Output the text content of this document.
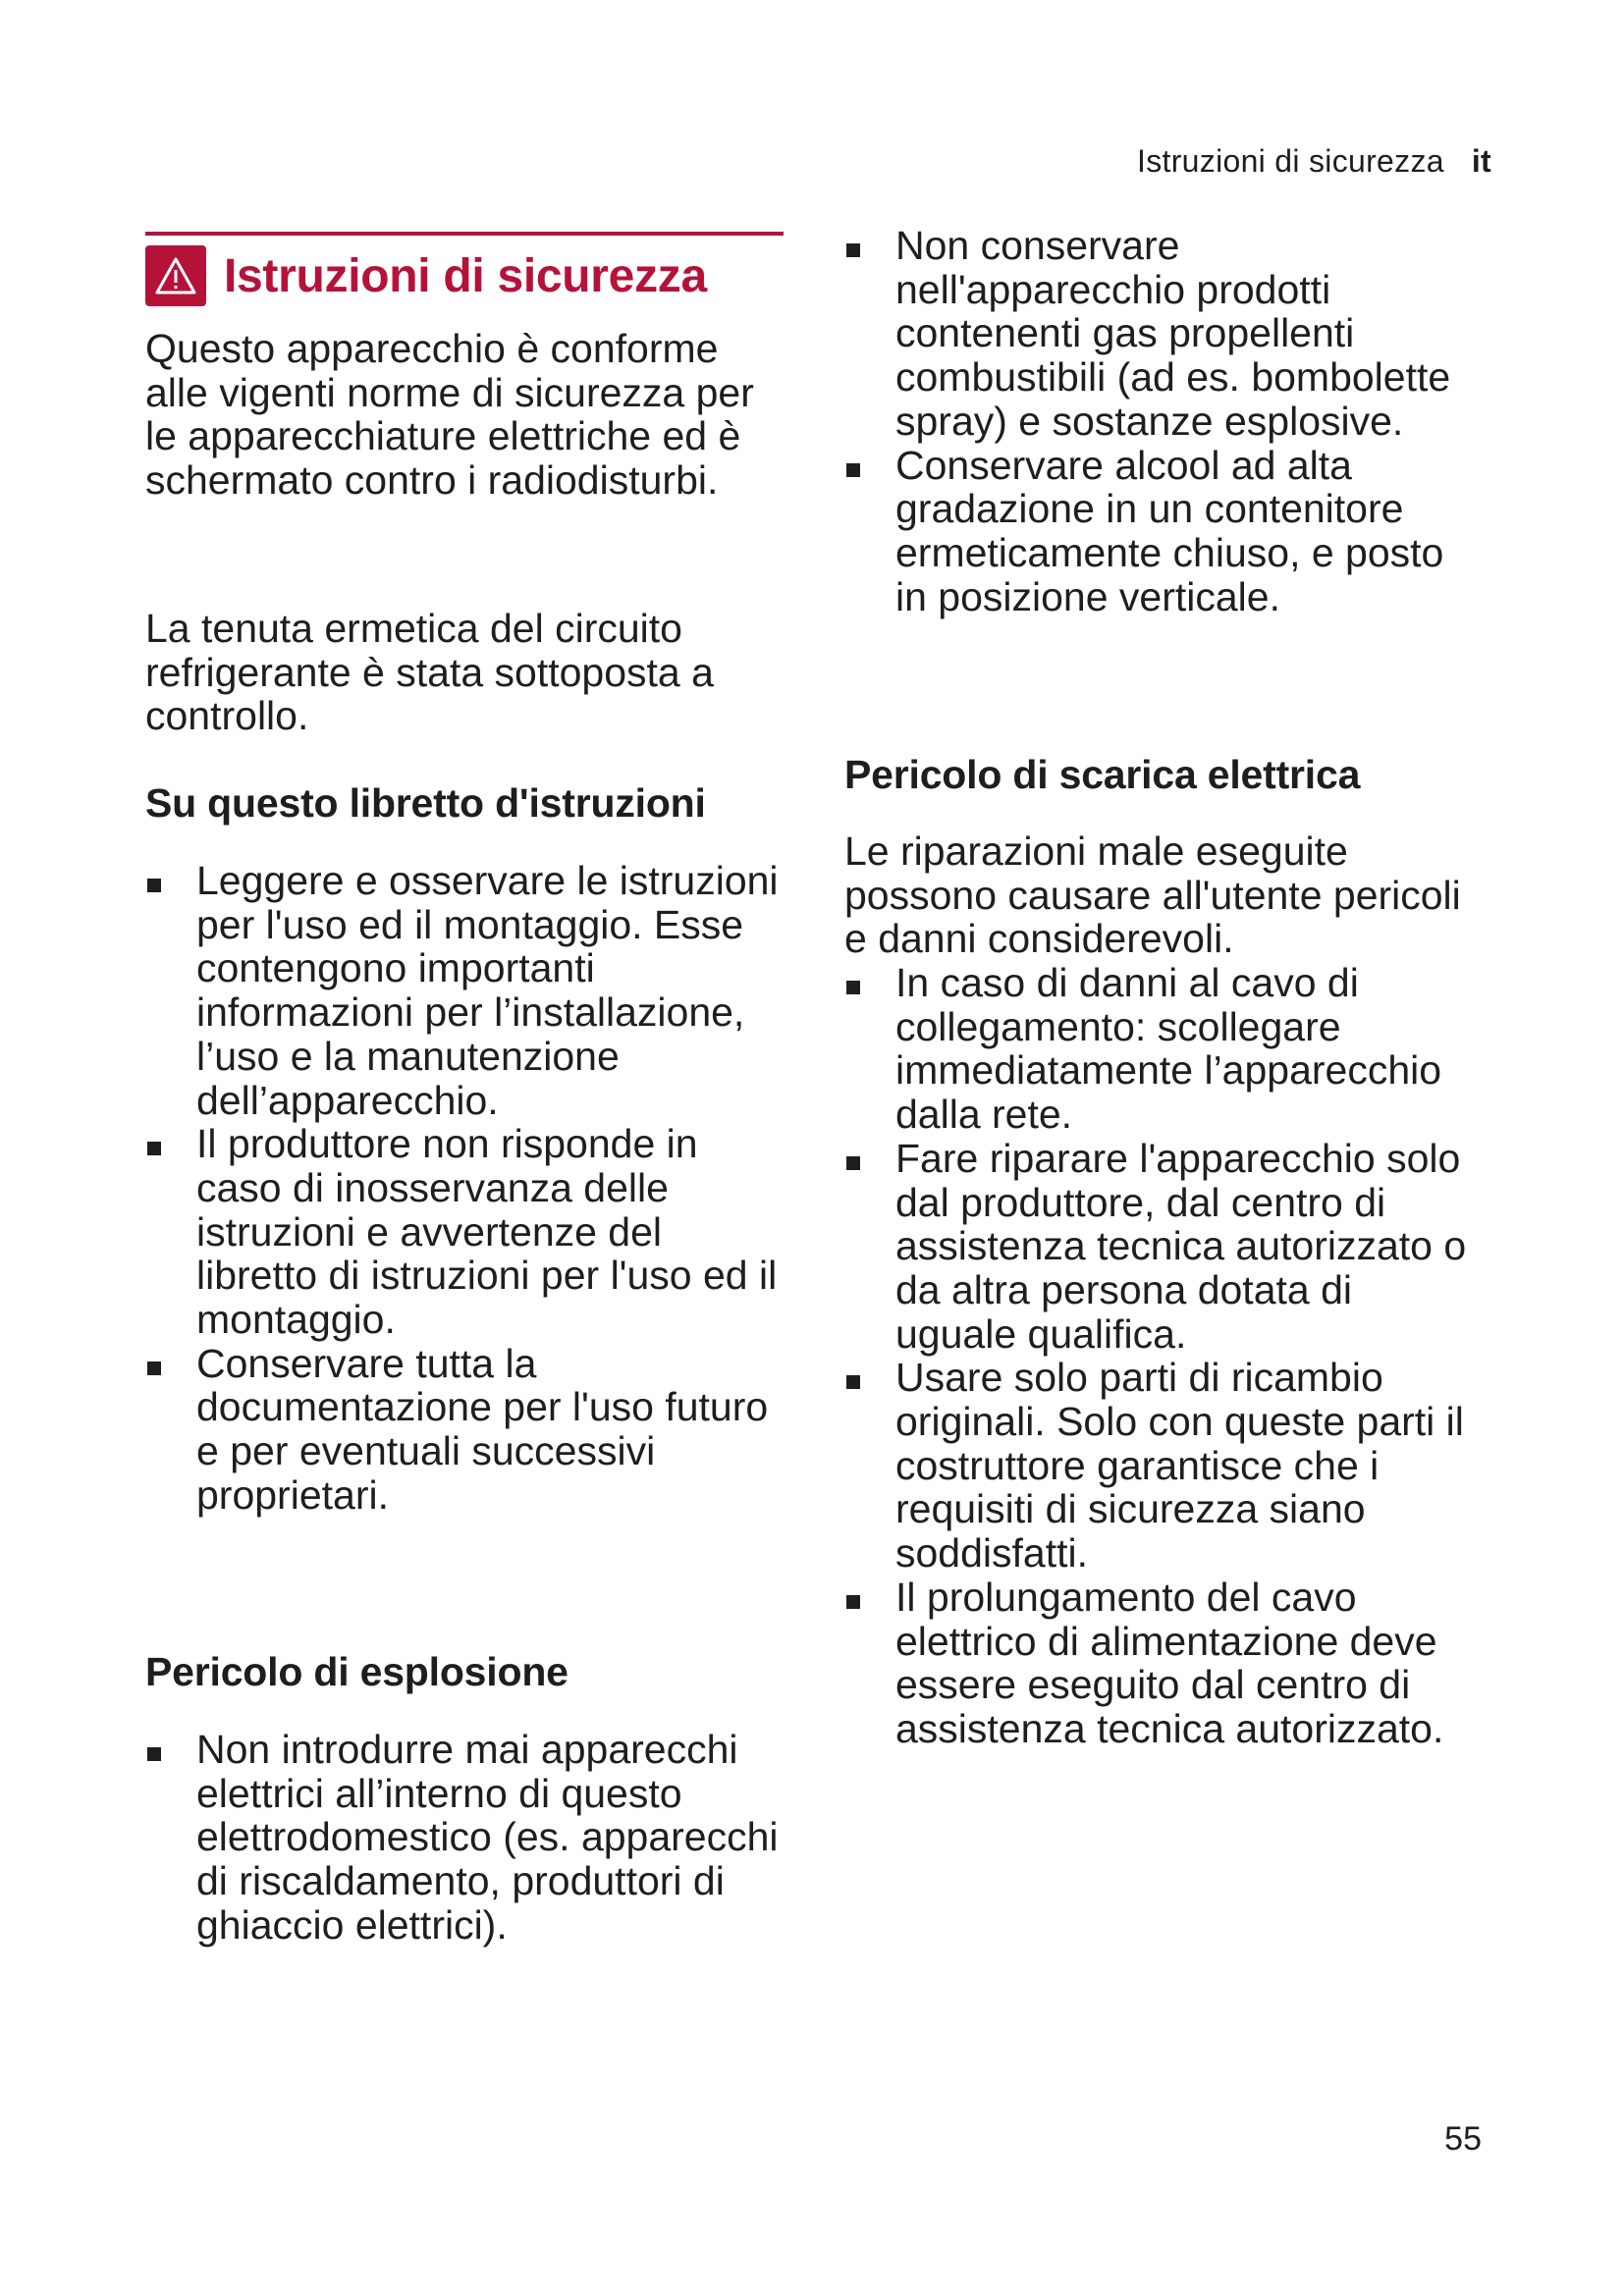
Istruzioni di sicurezza it
Istruzioni di sicurezza

Questo apparecchio è conforme alle vigenti norme di sicurezza per le apparecchiature elettriche ed è schermato contro i radiodisturbi.

La tenuta ermetica del circuito refrigerante è stata sottoposta a controllo.

Su questo libretto d'istruzioni
Leggere e osservare le istruzioni per l'uso ed il montaggio. Esse contengono importanti informazioni per l’installazione, l’uso e la manutenzione dell’apparecchio.
Il produttore non risponde in caso di inosservanza delle istruzioni e avvertenze del libretto di istruzioni per l'uso ed il montaggio.
Conservare tutta la documentazione per l'uso futuro e per eventuali successivi proprietari.
Pericolo di esplosione
Non introdurre mai apparecchi elettrici all’interno di questo elettrodomestico (es. apparecchi di riscaldamento, produttori di ghiaccio elettrici).
Non conservare nell'apparecchio prodotti contenenti gas propellenti combustibili (ad es. bombolette spray) e sostanze esplosive.
Conservare alcool ad alta gradazione in un contenitore ermeticamente chiuso, e posto in posizione verticale.
Pericolo di scarica elettrica

Le riparazioni male eseguite possono causare all'utente pericoli e danni considerevoli.

In caso di danni al cavo di collegamento: scollegare immediatamente l’apparecchio dalla rete.
Fare riparare l'apparecchio solo dal produttore, dal centro di assistenza tecnica autorizzato o da altra persona dotata di uguale qualifica.
Usare solo parti di ricambio originali. Solo con queste parti il costruttore garantisce che i requisiti di sicurezza siano soddisfatti.
Il prolungamento del cavo elettrico di alimentazione deve essere eseguito dal centro di assistenza tecnica autorizzato.
55
